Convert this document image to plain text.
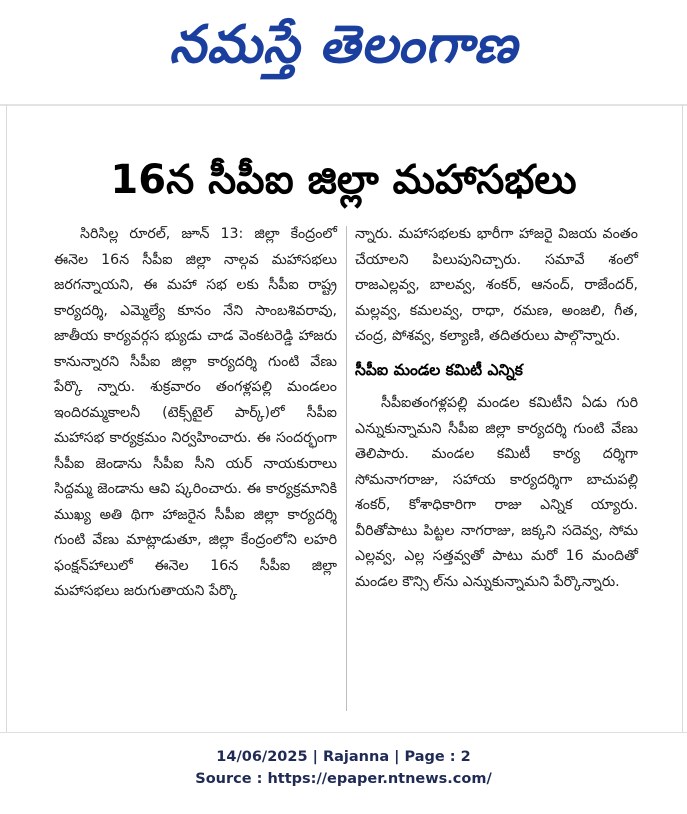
నమస్తే తెలంగాణ
16న సీపీఐ జిల్లా మహాసభలు

సిరిసిల్ల రూరల్, జూన్ 13: జిల్లా కేంద్రంలో ఈనెల 16న సీపీఐ జిల్లా నాల్గవ మహాసభలు జరగన్నాయని, ఈ మహా సభ లకు సీపీఐ రాష్ట్ర కార్యదర్శి, ఎమ్మెల్యే కూనం నేని సాంబశివరావు, జాతీయ కార్యవర్గస భ్యుడు చాడ వెంకటరెడ్డి హాజరు కానున్నారని సీపీఐ జిల్లా కార్యదర్శి గుంటి వేణు పేర్కొ న్నారు. శుక్రవారం తంగళ్లపల్లి మండలం ఇందిరమ్మకాలనీ (టెక్స్‌టైల్ పార్క్)లో సీపీఐ మహాసభ కార్యక్రమం నిర్వహించారు. ఈ సందర్భంగా సీపీఐ జెండాను సీపీఐ సీని యర్ నాయకురాలు సిద్దమ్మ జెండాను ఆవి ష్కరించారు. ఈ కార్యక్రమానికి ముఖ్య అతి థిగా హాజరైన సీపీఐ జిల్లా కార్యదర్శి గుంటి వేణు మాట్లాడుతూ, జిల్లా కేంద్రంలోని లహరి ఫంక్షన్‌హాలులో ఈనెల 16న సీపీఐ జిల్లా మహాసభలు జరుగుతాయని పేర్కొ

న్నారు. మహాసభలకు భారీగా హాజరై విజయ వంతం చేయాలని పిలుపునిచ్చారు. సమావే శంలో రాజఎల్లవ్వ, బాలవ్వ, శంకర్, ఆనంద్, రాజేందర్, మల్లవ్వ, కమలవ్వ, రాధా, రమణ, అంజలి, గీత, చంద్ర, పోశవ్వ, కల్యాణి, తదితరులు పాల్గొన్నారు.

సీపీఐ మండల కమిటీ ఎన్నిక

సీపీఐతంగళ్లపల్లి మండల కమిటీని ఏడు గురి ఎన్నుకున్నామని సీపీఐ జిల్లా కార్యదర్శి గుంటి వేణు తెలిపారు. మండల కమిటీ కార్య దర్శిగా సోమనాగరాజు, సహాయ కార్యదర్శిగా బాచుపల్లి శంకర్, కోశాధికారిగా రాజు ఎన్నిక య్యారు. వీరితోపాటు పిట్టల నాగరాజు, జక్కని సదెవ్వ, సోమ ఎల్లవ్వ, ఎల్ల సత్తవ్వతో పాటు మరో 16 మందితో మండల కౌన్సి ల్‌ను ఎన్నుకున్నామని పేర్కొన్నారు.

14/06/2025 | Rajanna | Page : 2
Source : https://epaper.ntnews.com/
